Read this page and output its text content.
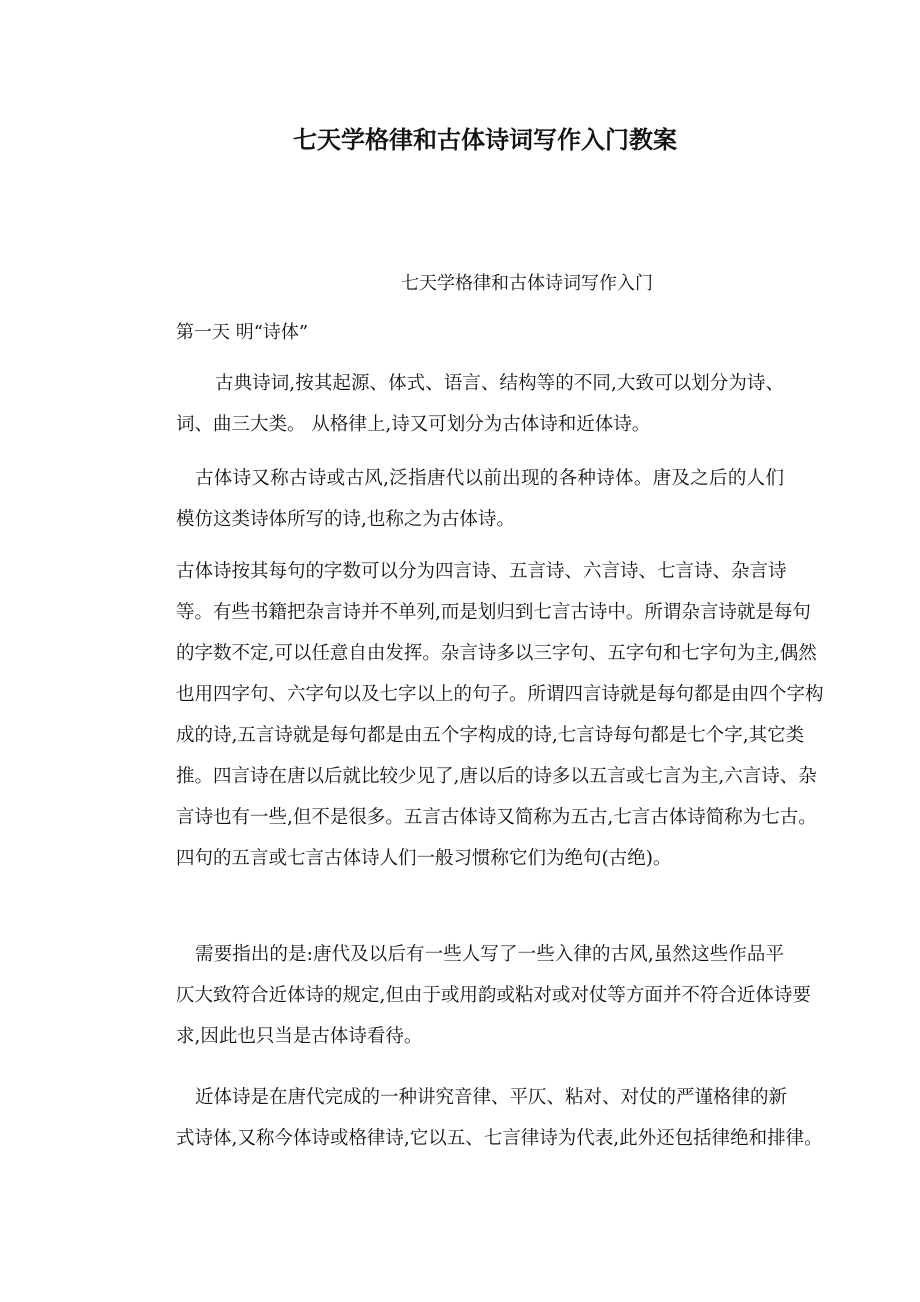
七天学格律和古体诗词写作入门教案
七天学格律和古体诗词写作入门
第一天 明“诗体”
古典诗词,按其起源、体式、语言、结构等的不同,大致可以划分为诗、
词、曲三大类。 从格律上,诗又可划分为古体诗和近体诗。
古体诗又称古诗或古风,泛指唐代以前出现的各种诗体。唐及之后的人们
模仿这类诗体所写的诗,也称之为古体诗。
古体诗按其每句的字数可以分为四言诗、五言诗、六言诗、七言诗、杂言诗
等。有些书籍把杂言诗并不单列,而是划归到七言古诗中。所谓杂言诗就是每句
的字数不定,可以任意自由发挥。杂言诗多以三字句、五字句和七字句为主,偶然
也用四字句、六字句以及七字以上的句子。所谓四言诗就是每句都是由四个字构
成的诗,五言诗就是每句都是由五个字构成的诗,七言诗每句都是七个字,其它类
推。四言诗在唐以后就比较少见了,唐以后的诗多以五言或七言为主,六言诗、杂
言诗也有一些,但不是很多。五言古体诗又简称为五古,七言古体诗简称为七古。
四句的五言或七言古体诗人们一般习惯称它们为绝句(古绝)。
需要指出的是:唐代及以后有一些人写了一些入律的古风,虽然这些作品平
仄大致符合近体诗的规定,但由于或用韵或粘对或对仗等方面并不符合近体诗要
求,因此也只当是古体诗看待。
近体诗是在唐代完成的一种讲究音律、平仄、粘对、对仗的严谨格律的新
式诗体,又称今体诗或格律诗,它以五、七言律诗为代表,此外还包括律绝和排律。
